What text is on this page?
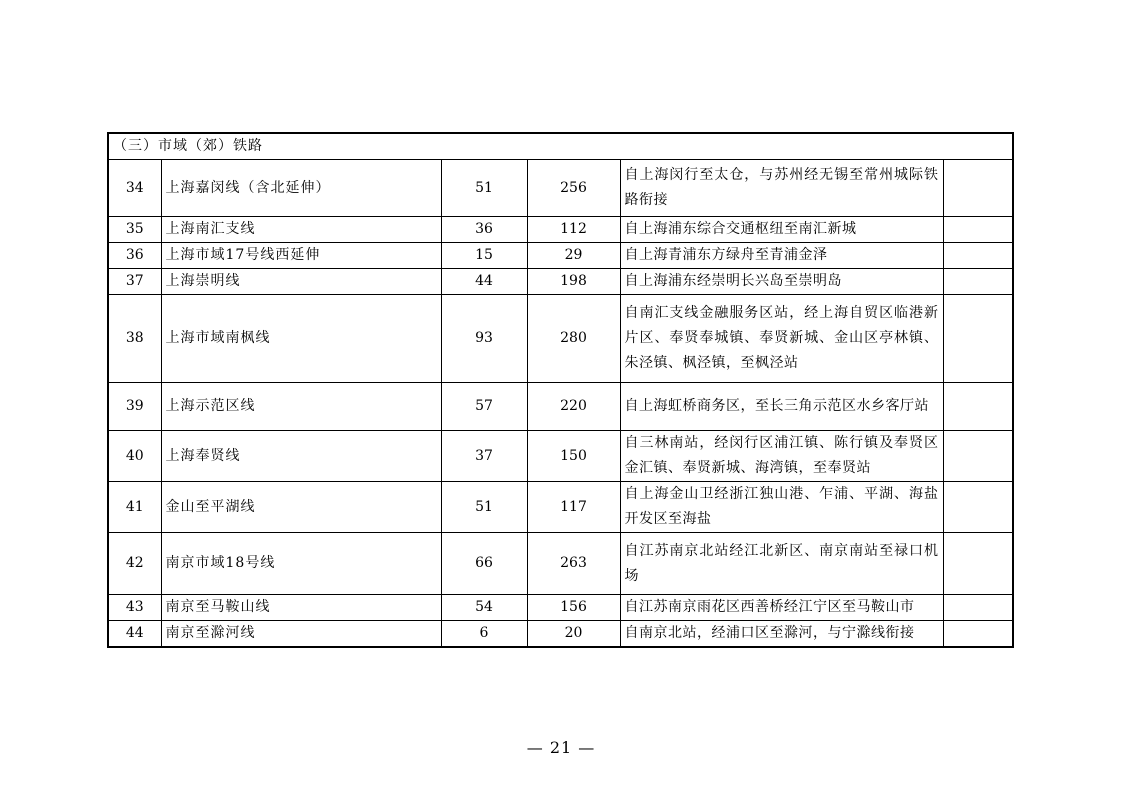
（三）市域（郊）铁路					
34	上海嘉闵线（含北延伸）	51	256	自上海闵行至太仓，与苏州经无锡至常州城际铁路衔接	
35	上海南汇支线	36	112	自上海浦东综合交通枢纽至南汇新城	
36	上海市域17号线西延伸	15	29	自上海青浦东方绿舟至青浦金泽	
37	上海崇明线	44	198	自上海浦东经崇明长兴岛至崇明岛	
38	上海市域南枫线	93	280	自南汇支线金融服务区站，经上海自贸区临港新片区、奉贤奉城镇、奉贤新城、金山区亭林镇、朱泾镇、枫泾镇，至枫泾站	
39	上海示范区线	57	220	自上海虹桥商务区，至长三角示范区水乡客厅站	
40	上海奉贤线	37	150	自三林南站，经闵行区浦江镇、陈行镇及奉贤区金汇镇、奉贤新城、海湾镇，至奉贤站	
41	金山至平湖线	51	117	自上海金山卫经浙江独山港、乍浦、平湖、海盐开发区至海盐	
42	南京市域18号线	66	263	自江苏南京北站经江北新区、南京南站至禄口机场	
43	南京至马鞍山线	54	156	自江苏南京雨花区西善桥经江宁区至马鞍山市	
44	南京至滁河线	6	20	自南京北站，经浦口区至滁河，与宁滁线衔接	
— 21 —
